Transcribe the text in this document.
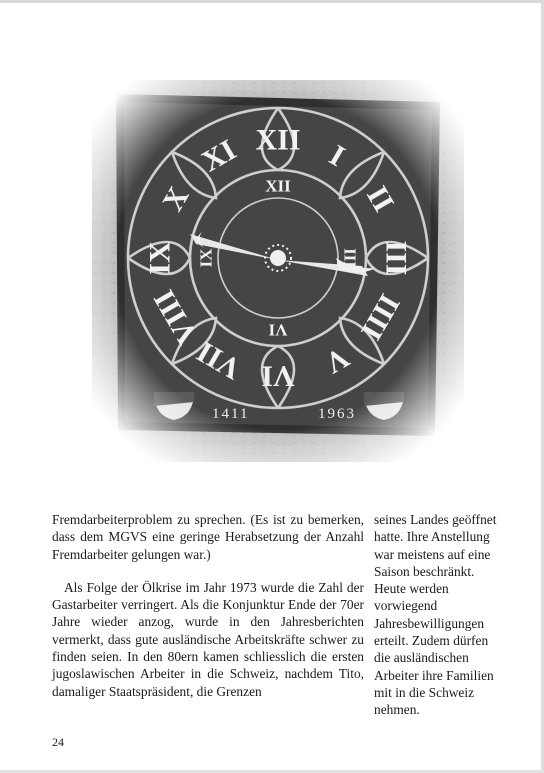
Fremdarbeiterproblem zu sprechen. (Es ist zu bemerken, dass dem MGVS eine geringe Herabsetzung der Anzahl Fremdarbeiter gelungen war.)

Als Folge der Ölkrise im Jahr 1973 wurde die Zahl der Gastarbeiter verringert. Als die Konjunktur Ende der 70er Jahre wieder anzog, wurde in den Jahresberichten vermerkt, dass gute ausländische Arbeitskräfte schwer zu finden seien. In den 80ern kamen schliesslich die ersten jugoslawischen Arbeiter in die Schweiz, nachdem Tito, damaliger Staatspräsident, die Grenzen

seines Landes geöffnet hatte. Ihre Anstellung war meistens auf eine Saison beschränkt. Heute werden vorwiegend Jahresbewilligungen erteilt. Zudem dürfen die ausländischen Arbeiter ihre Familien mit in die Schweiz nehmen.

24
